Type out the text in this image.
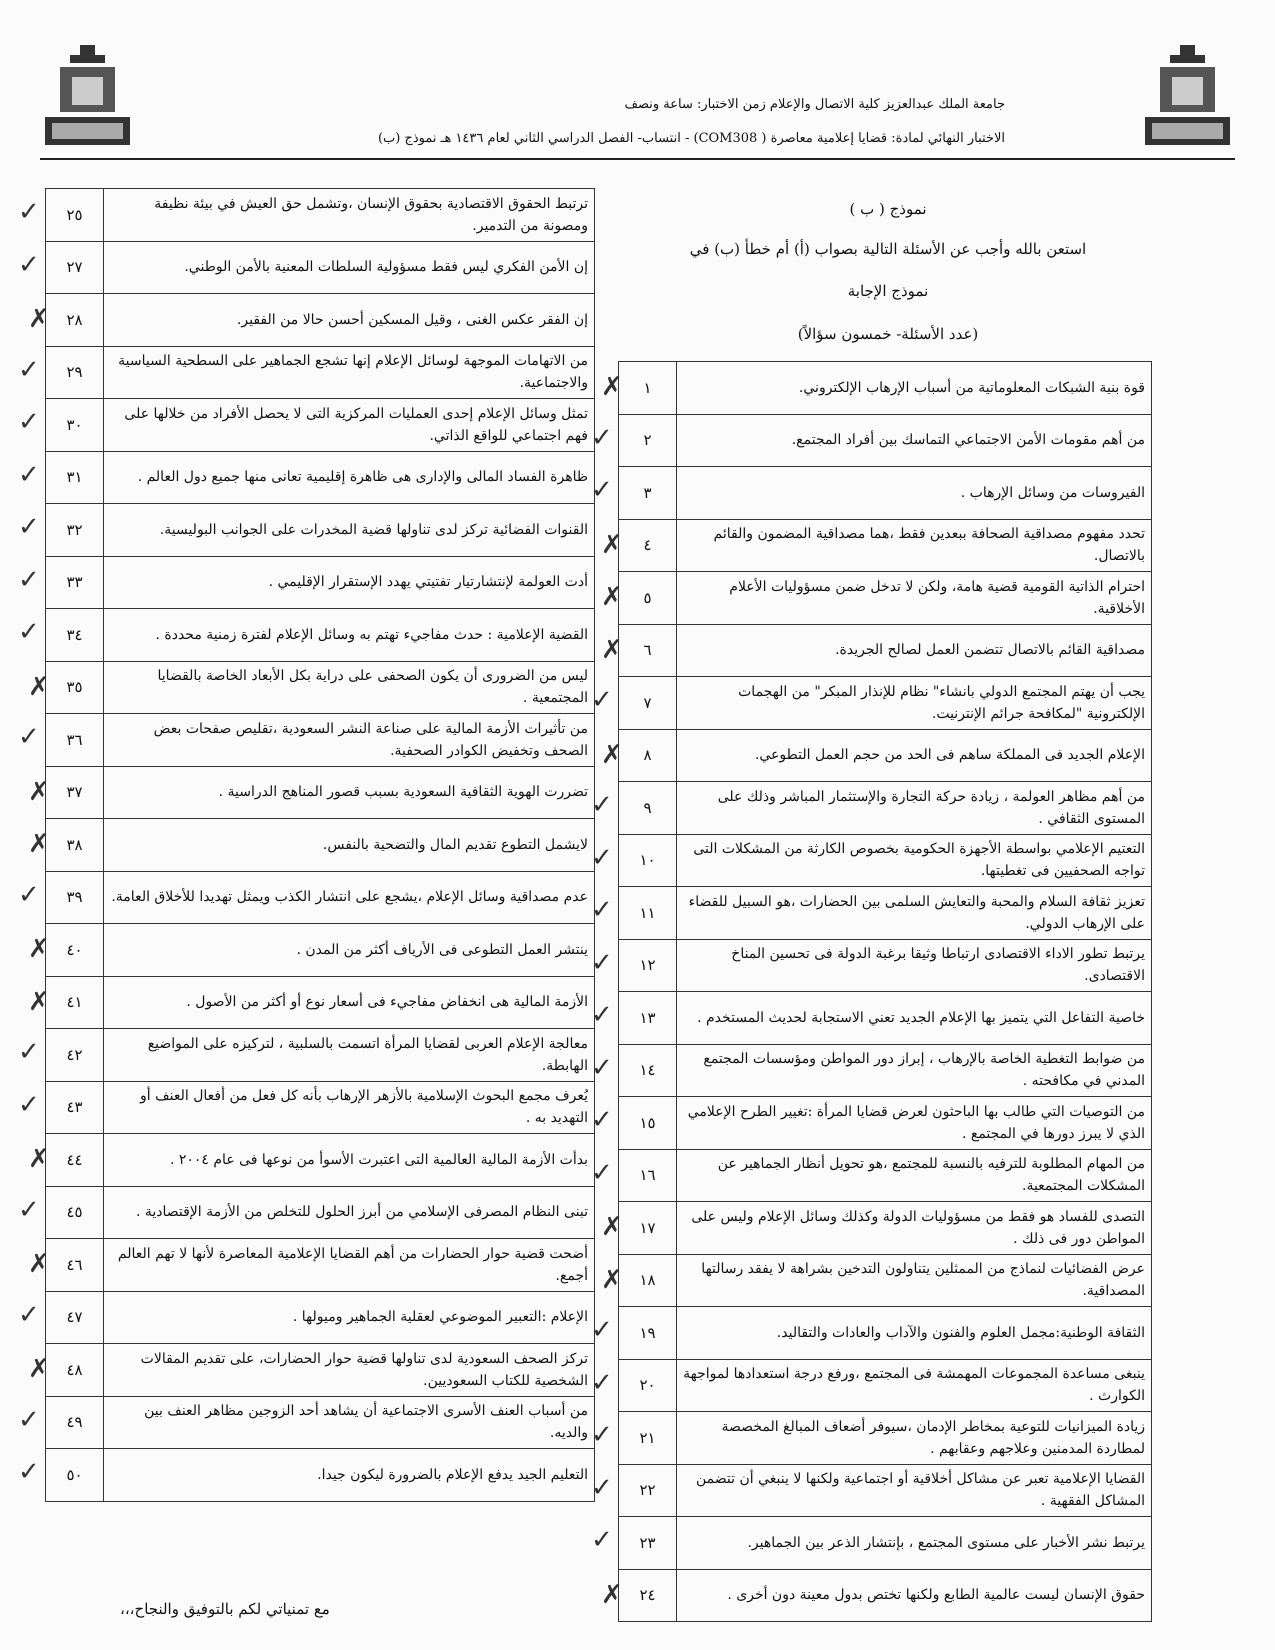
جامعة الملك عبدالعزيز كلية الاتصال والإعلام زمن الاختبار: ساعة ونصف
الاختبار النهائي لمادة: قضايا إعلامية معاصرة ( COM308) - انتساب- الفصل الدراسي الثاني لعام ١٤٣٦ هـ نموذج (ب)
نموذج ( ب )
استعن بالله وأجب عن الأسئلة التالية بصواب (أ) أم خطأ (ب) في
نموذج الإجابة
(عدد الأسئلة- خمسون سؤالاً)
قوة بنية الشبكات المعلوماتية من أسباب الإرهاب الإلكتروني.	١
✗

من أهم مقومات الأمن الاجتماعي التماسك بين أفراد المجتمع.	٢
✓

الفيروسات من وسائل الإرهاب .	٣
✓

تحدد مفهوم مصداقية الصحافة ببعدين فقط ،هما مصداقية المضمون والقائم بالاتصال.	٤
✗

احترام الذاتية القومية قضية هامة، ولكن لا تدخل ضمن مسؤوليات الأعلام الأخلاقية.	٥
✗

مصداقية القائم بالاتصال تتضمن العمل لصالح الجريدة.	٦
✗

يجب أن يهتم المجتمع الدولي بانشاء" نظام للإنذار المبكر" من الهجمات الإلكترونية "لمكافحة جرائم الإنترنيت.	٧
✓

الإعلام الجديد فى المملكة ساهم فى الحد من حجم العمل التطوعي.	٨
✗

من أهم مظاهر العولمة ، زيادة حركة التجارة والإستثمار المباشر وذلك على المستوى الثقافي .	٩
✓

التعتيم الإعلامي بواسطة الأجهزة الحكومية بخصوص الكارثة من المشكلات التى تواجه الصحفيين فى تغطيتها.	١٠
✓

تعزيز ثقافة السلام والمحبة والتعايش السلمى بين الحضارات ،هو السبيل للقضاء على الإرهاب الدولي.	١١
✓

يرتبط تطور الاداء الاقتصادى ارتباطا وثيقا برغبة الدولة فى تحسين المناخ الاقتصادى.	١٢
✓

خاصية التفاعل التي يتميز بها الإعلام الجديد تعني الاستجابة لحديث المستخدم .	١٣
✓

من ضوابط التغطية الخاصة بالإرهاب ، إبراز دور المواطن ومؤسسات المجتمع المدني في مكافحته .	١٤
✓

من التوصيات التي طالب بها الباحثون لعرض قضايا المرأة :تغيير الطرح الإعلامي الذي لا يبرز دورها في المجتمع .	١٥
✓

من المهام المطلوبة للترفيه بالنسبة للمجتمع ،هو تحويل أنظار الجماهير عن المشكلات المجتمعية.	١٦
✓

التصدى للفساد هو فقط من مسؤوليات الدولة وكذلك وسائل الإعلام وليس على المواطن دور فى ذلك .	١٧
✗

عرض الفضائيات لنماذج من الممثلين يتناولون التدخين بشراهة لا يفقد رسالتها المصداقية.	١٨
✗

الثقافة الوطنية:مجمل العلوم والفنون والآداب والعادات والتقاليد.	١٩
✓

ينبغى مساعدة المجموعات المهمشة فى المجتمع ،ورفع درجة استعدادها لمواجهة الكوارث .	٢٠
✓

زيادة الميزانيات للتوعية بمخاطر الإدمان ،سيوفر أضعاف المبالغ المخصصة لمطاردة المدمنين وعلاجهم وعقابهم .	٢١
✓

القضايا الإعلامية تعبر عن مشاكل أخلاقية أو اجتماعية ولكنها لا ينبغي أن تتضمن المشاكل الفقهية .	٢٢
✓

يرتبط نشر الأخبار على مستوى المجتمع ، بإنتشار الذعر بين الجماهير.	٢٣
✓

حقوق الإنسان ليست عالمية الطابع ولكنها تختص بدول معينة دون أخرى .	٢٤
✗
ترتبط الحقوق الاقتصادية بحقوق الإنسان ،وتشمل حق العيش في بيئة نظيفة ومصونة من التدمير.	٢٥
✓

إن الأمن الفكري ليس فقط مسؤولية السلطات المعنية بالأمن الوطني.	٢٧
✓

إن الفقر عكس الغنى ، وقيل المسكين أحسن حالا من الفقير.	٢٨
✗

من الاتهامات الموجهة لوسائل الإعلام إنها تشجع الجماهير على السطحية السياسية والاجتماعية.	٢٩
✓

تمثل وسائل الإعلام إحدى العمليات المركزية التى لا يحصل الأفراد من خلالها على فهم اجتماعي للواقع الذاتي.	٣٠
✓

ظاهرة الفساد المالى والإدارى هى ظاهرة إقليمية تعانى منها جميع دول العالم .	٣١
✓

القنوات الفضائية تركز لدى تناولها قضية المخدرات على الجوانب البوليسية.	٣٢
✓

أدت العولمة لإنتشارتيار تفتيتي يهدد الإستقرار الإقليمي .	٣٣
✓

القضية الإعلامية : حدث مفاجيء تهتم به وسائل الإعلام لفترة زمنية محددة .	٣٤
✓

ليس من الضرورى أن يكون الصحفى على دراية بكل الأبعاد الخاصة بالقضايا المجتمعية .	٣٥
✗

من تأثيرات الأزمة المالية على صناعة النشر السعودية ،تقليص صفحات بعض الصحف وتخفيض الكوادر الصحفية.	٣٦
✓

تضررت الهوية الثقافية السعودية بسبب قصور المناهج الدراسية .	٣٧
✗

لايشمل التطوع تقديم المال والتضحية بالنفس.	٣٨
✗

عدم مصداقية وسائل الإعلام ،يشجع على انتشار الكذب ويمثل تهديدا للأخلاق العامة.	٣٩
✓

ينتشر العمل التطوعى فى الأرياف أكثر من المدن .	٤٠
✗

الأزمة المالية هى انخفاض مفاجيء فى أسعار نوع أو أكثر من الأصول .	٤١
✗

معالجة الإعلام العربى لقضايا المرأة اتسمت بالسلبية ، لتركيزه على المواضيع الهابطة.	٤٢
✓

يُعرف مجمع البحوث الإسلامية بالأزهر الإرهاب بأنه كل فعل من أفعال العنف أو التهديد به .	٤٣
✓

بدأت الأزمة المالية العالمية التى اعتبرت الأسوأ من نوعها فى عام ٢٠٠٤ .	٤٤
✗

تبنى النظام المصرفى الإسلامي من أبرز الحلول للتخلص من الأزمة الإقتصادية .	٤٥
✓

أضحت قضية حوار الحضارات من أهم القضايا الإعلامية المعاصرة لأنها لا تهم العالم أجمع.	٤٦
✗

الإعلام :التعبير الموضوعي لعقلية الجماهير وميولها .	٤٧
✓

تركز الصحف السعودية لدى تناولها قضية حوار الحضارات، على تقديم المقالات الشخصية للكتاب السعوديين.	٤٨
✗

من أسباب العنف الأسرى الاجتماعية أن يشاهد أحد الزوجين مظاهر العنف بين والديه.	٤٩
✓

التعليم الجيد يدفع الإعلام بالضرورة ليكون جيدا.	٥٠
✓
مع تمنياتي لكم بالتوفيق والنجاح،،،
